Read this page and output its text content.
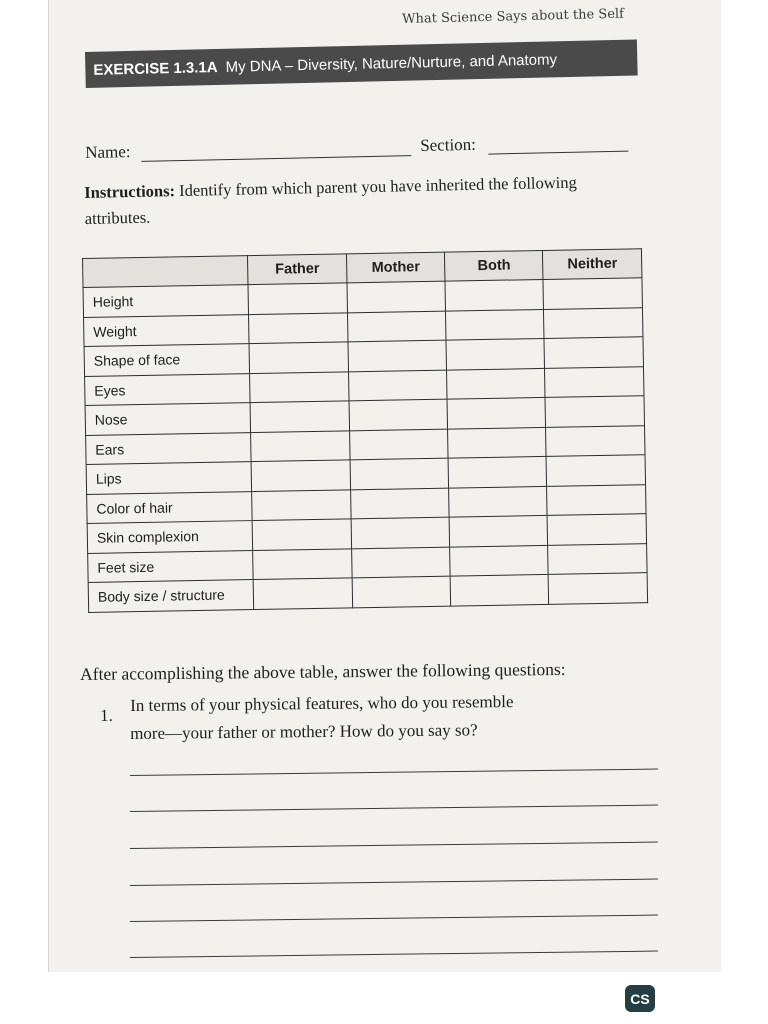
What Science Says about the Self
EXERCISE 1.3.1A My DNA – Diversity, Nature/Nurture, and Anatomy
Name:	Section:
Instructions: Identify from which parent you have inherited the following attributes.
	Father	Mother	Both	Neither
Height				
Weight				
Shape of face				
Eyes				
Nose				
Ears				
Lips				
Color of hair				
Skin complexion				
Feet size				
Body size / structure				
After accomplishing the above table, answer the following questions:
1.
In terms of your physical features, who do you resemble
more—your father or mother? How do you say so?
CS
